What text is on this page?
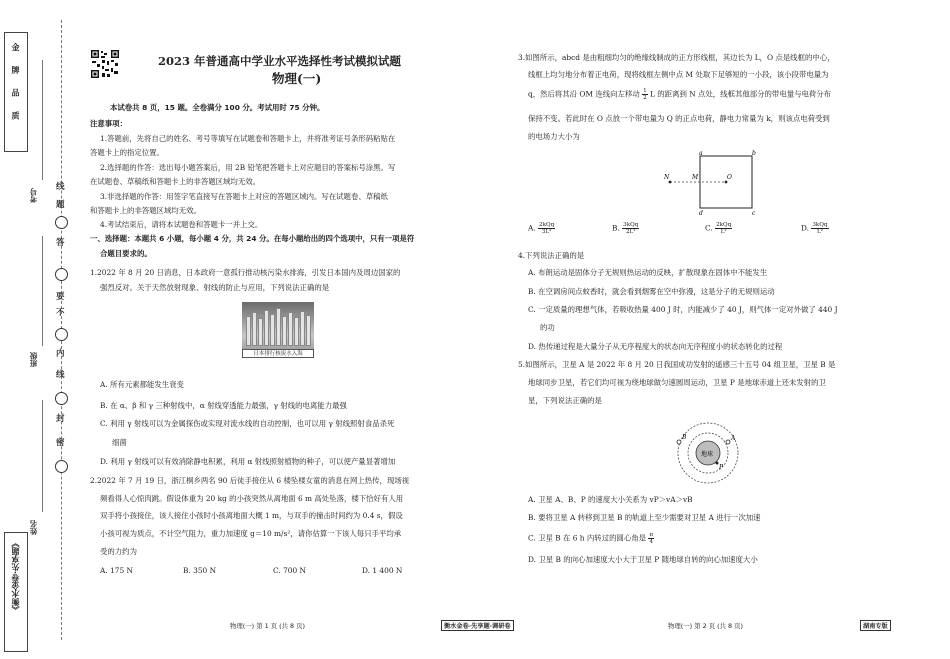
金 牌 品 质
线
题
答
要
不
内
线
封
密
考号
班级
姓名
《衡水金卷·先享题》
2023 年普通高中学业水平选择性考试模拟试题
物理(一)
本试卷共 8 页，15 题。全卷满分 100 分。考试用时 75 分钟。
注意事项：
1.答题前，先将自己的姓名、考号等填写在试题卷和答题卡上，并将准考证号条形码粘贴在
答题卡上的指定位置。
2.选择题的作答：选出每小题答案后，用 2B 铅笔把答题卡上对应题目的答案标号涂黑。写
在试题卷、草稿纸和答题卡上的非答题区域均无效。
3.非选择题的作答：用签字笔直接写在答题卡上对应的答题区域内。写在试题卷、草稿纸
和答题卡上的非答题区域均无效。
4.考试结束后，请将本试题卷和答题卡一并上交。
一、选择题：本题共 6 小题，每小题 4 分，共 24 分。在每小题给出的四个选项中，只有一项是符
合题目要求的。
1.2022 年 8 月 20 日消息，日本政府一意孤行推动核污染水排海，引发日本国内及周边国家的
强烈反对。关于天然放射现象、射线的防止与应用，下列说法正确的是
日本排行核废水入海
A. 所有元素都能发生衰变
B. 在 α、β 和 γ 三种射线中，α 射线穿透能力最强，γ 射线的电离能力最强
C. 利用 γ 射线可以为金属探伤或实现对流水线的自动控制，也可以用 γ 射线照射食品杀死
细菌
D. 利用 γ 射线可以有效消除静电积累，利用 α 射线照射植物的种子，可以使产量显著增加
2.2022 年 7 月 19 日，浙江桐乡两名 90 后徒手接住从 6 楼坠楼女童的消息在网上热传，现场视
频看得人心惊肉跳。假设体重为 20 kg 的小孩突然从离地面 6 m 高处坠落，楼下恰好有人用
双手将小孩接住，该人接住小孩时小孩离地面大概 1 m，与双手的撞击时间约为 0.4 s，假设
小孩可视为质点，不计空气阻力，重力加速度 g＝10 m/s²，请你估算一下该人每只手平均承
受的力约为
A. 175 N	B. 350 N	C. 700 N	D. 1 400 N
3.如图所示，abcd 是由粗细均匀的绝缘线制成的正方形线框，其边长为 L，O 点是线框的中心，
线框上均匀地分布着正电荷，现将线框左侧中点 M 处取下足够短的一小段，该小段带电量为
q，然后将其沿 OM 连线向左移动 $\frac{1}{2}$ L 的距离到 N 点处，线框其他部分的带电量与电荷分布
保持不变。若此时在 O 点放一个带电量为 Q 的正点电荷，静电力常量为 k，则该点电荷受到
的电场力大小为
a	b
c
d
N	M	O
A. $\frac{\text{2kQq}}{\text{3L²}}$	B. $\frac{\text{3kQq}}{\text{2L²}}$	C. $\frac{\text{2kQq}}{\text{L²}}$	D. $\frac{\text{3kQq}}{\text{L²}}$
4.下列说法正确的是
A. 布朗运动是固体分子无规则热运动的反映，扩散现象在固体中不能发生
B. 在空调房间点蚊香时，就会看到烟雾在空中弥漫，这是分子的无规则运动
C. 一定质量的理想气体，若吸收热量 400 J 时，内能减少了 40 J，则气体一定对外做了 440 J
的功
D. 热传递过程是大量分子从无序程度大的状态向无序程度小的状态转化的过程
5.如图所示，卫星 A 是 2022 年 8 月 20 日我国成功发射的遥感三十五号 04 组卫星，卫星 B 是
地球同步卫星，若它们均可视为绕地球做匀速圆周运动，卫星 P 是地球赤道上还未发射的卫
星，下列说法正确的是
地球
A
B
P
A. 卫星 A、B、P 的速度大小关系为 vP＞vA＞vB
B. 要将卫星 A 转移到卫星 B 的轨道上至少需要对卫星 A 进行一次加速
C. 卫星 B 在 6 h 内转过的圆心角是 $\frac{\pi}{4}$
D. 卫星 B 的向心加速度大小大于卫星 P 随地球自转的向心加速度大小
物理(一) 第 1 页 (共 8 页)	衡水金卷·先享题·调研卷	物理(一) 第 2 页 (共 8 页)	湖南专版
